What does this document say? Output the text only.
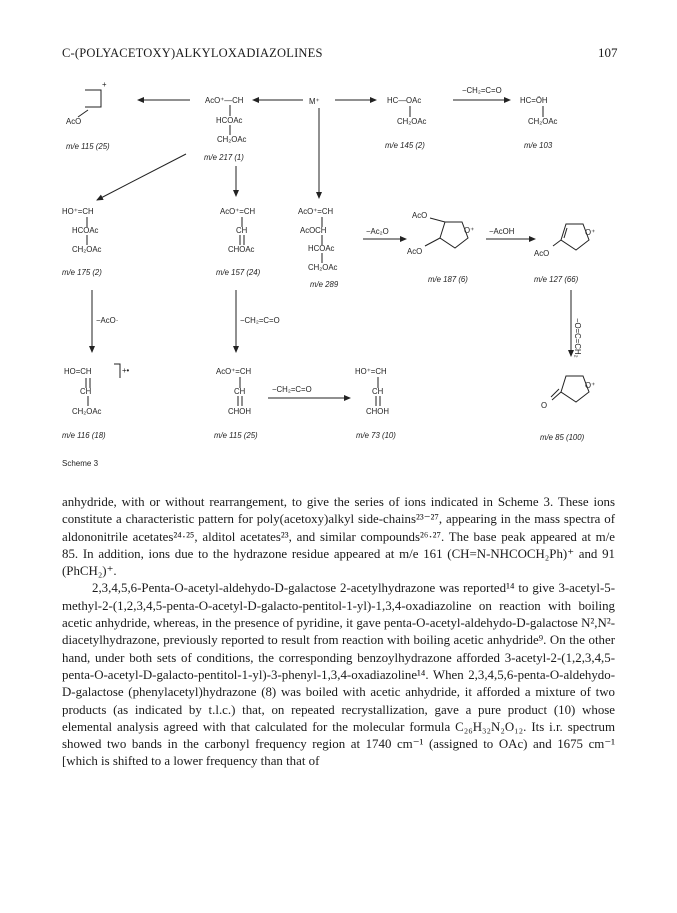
C-(POLYACETOXY)ALKYLOXADIAZOLINES	107
+
AcO
m/e 115 (25)
AcO⁺—CH
HCOAc
CH₂OAc
m/e 217 (1)
M⁺	HC—OAc
CH₂OAc
m/e 145 (2)
−CH₂=C=O
HC=ÖH
CH₂OAc
m/e 103
HO⁺=CH
HCOAc
CH₂OAc
m/e 175 (2)
AcO⁺=CH
CH
CHOAc
m/e 157 (24)
AcO⁺=CH
AcOCH
HCOAc
CH₂OAc
m/e 289
−Ac₂O
AcO
AcO
O⁺
m/e 187 (6)
−AcOH	O⁺
AcO
m/e 127 (66)
−AcO·	−CH₂=C=O	−O=C=CH₂
HO=CH	+•
CH
CH₂OAc
m/e 116 (18)
AcO⁺=CH
CH
CHOH
m/e 115 (25)
−CH₂=C=O
HO⁺=CH
CH
CHOH
m/e 73 (10)
O⁺
O
m/e 85 (100)
Scheme 3

anhydride, with or without rearrangement, to give the series of ions indicated in Scheme 3. These ions constitute a characteristic pattern for poly(acetoxy)alkyl side-chains²³⁻²⁷, appearing in the mass spectra of aldononitrile acetates²⁴·²⁵, alditol acetates²³, and similar compounds²⁶·²⁷. The base peak appeared at m/e 85. In addition, ions due to the hydrazone residue appeared at m/e 161 (CH=N-NHCOCH₂Ph)⁺ and 91 (PhCH₂)⁺.

2,3,4,5,6-Penta-O-acetyl-aldehydo-D-galactose 2-acetylhydrazone was reported¹⁴ to give 3-acetyl-5-methyl-2-(1,2,3,4,5-penta-O-acetyl-D-galacto-pentitol-1-yl)-1,3,4-oxadiazoline on reaction with boiling acetic anhydride, whereas, in the presence of pyridine, it gave penta-O-acetyl-aldehydo-D-galactose N²,N²-diacetylhydrazone, previously reported to result from reaction with boiling acetic anhydride⁹. On the other hand, under both sets of conditions, the corresponding benzoylhydrazone afforded 3-acetyl-2-(1,2,3,4,5-penta-O-acetyl-D-galacto-pentitol-1-yl)-3-phenyl-1,3,4-oxadiazoline¹⁴. When 2,3,4,5,6-penta-O-aldehydo-D-galactose (phenylacetyl)hydrazone (8) was boiled with acetic anhydride, it afforded a mixture of two products (as indicated by t.l.c.) that, on repeated recrystallization, gave a pure product (10) whose elemental analysis agreed with that calculated for the molecular formula C₂₆H₃₂N₂O₁₂. Its i.r. spectrum showed two bands in the carbonyl frequency region at 1740 cm⁻¹ (assigned to OAc) and 1675 cm⁻¹ [which is shifted to a lower frequency than that of
